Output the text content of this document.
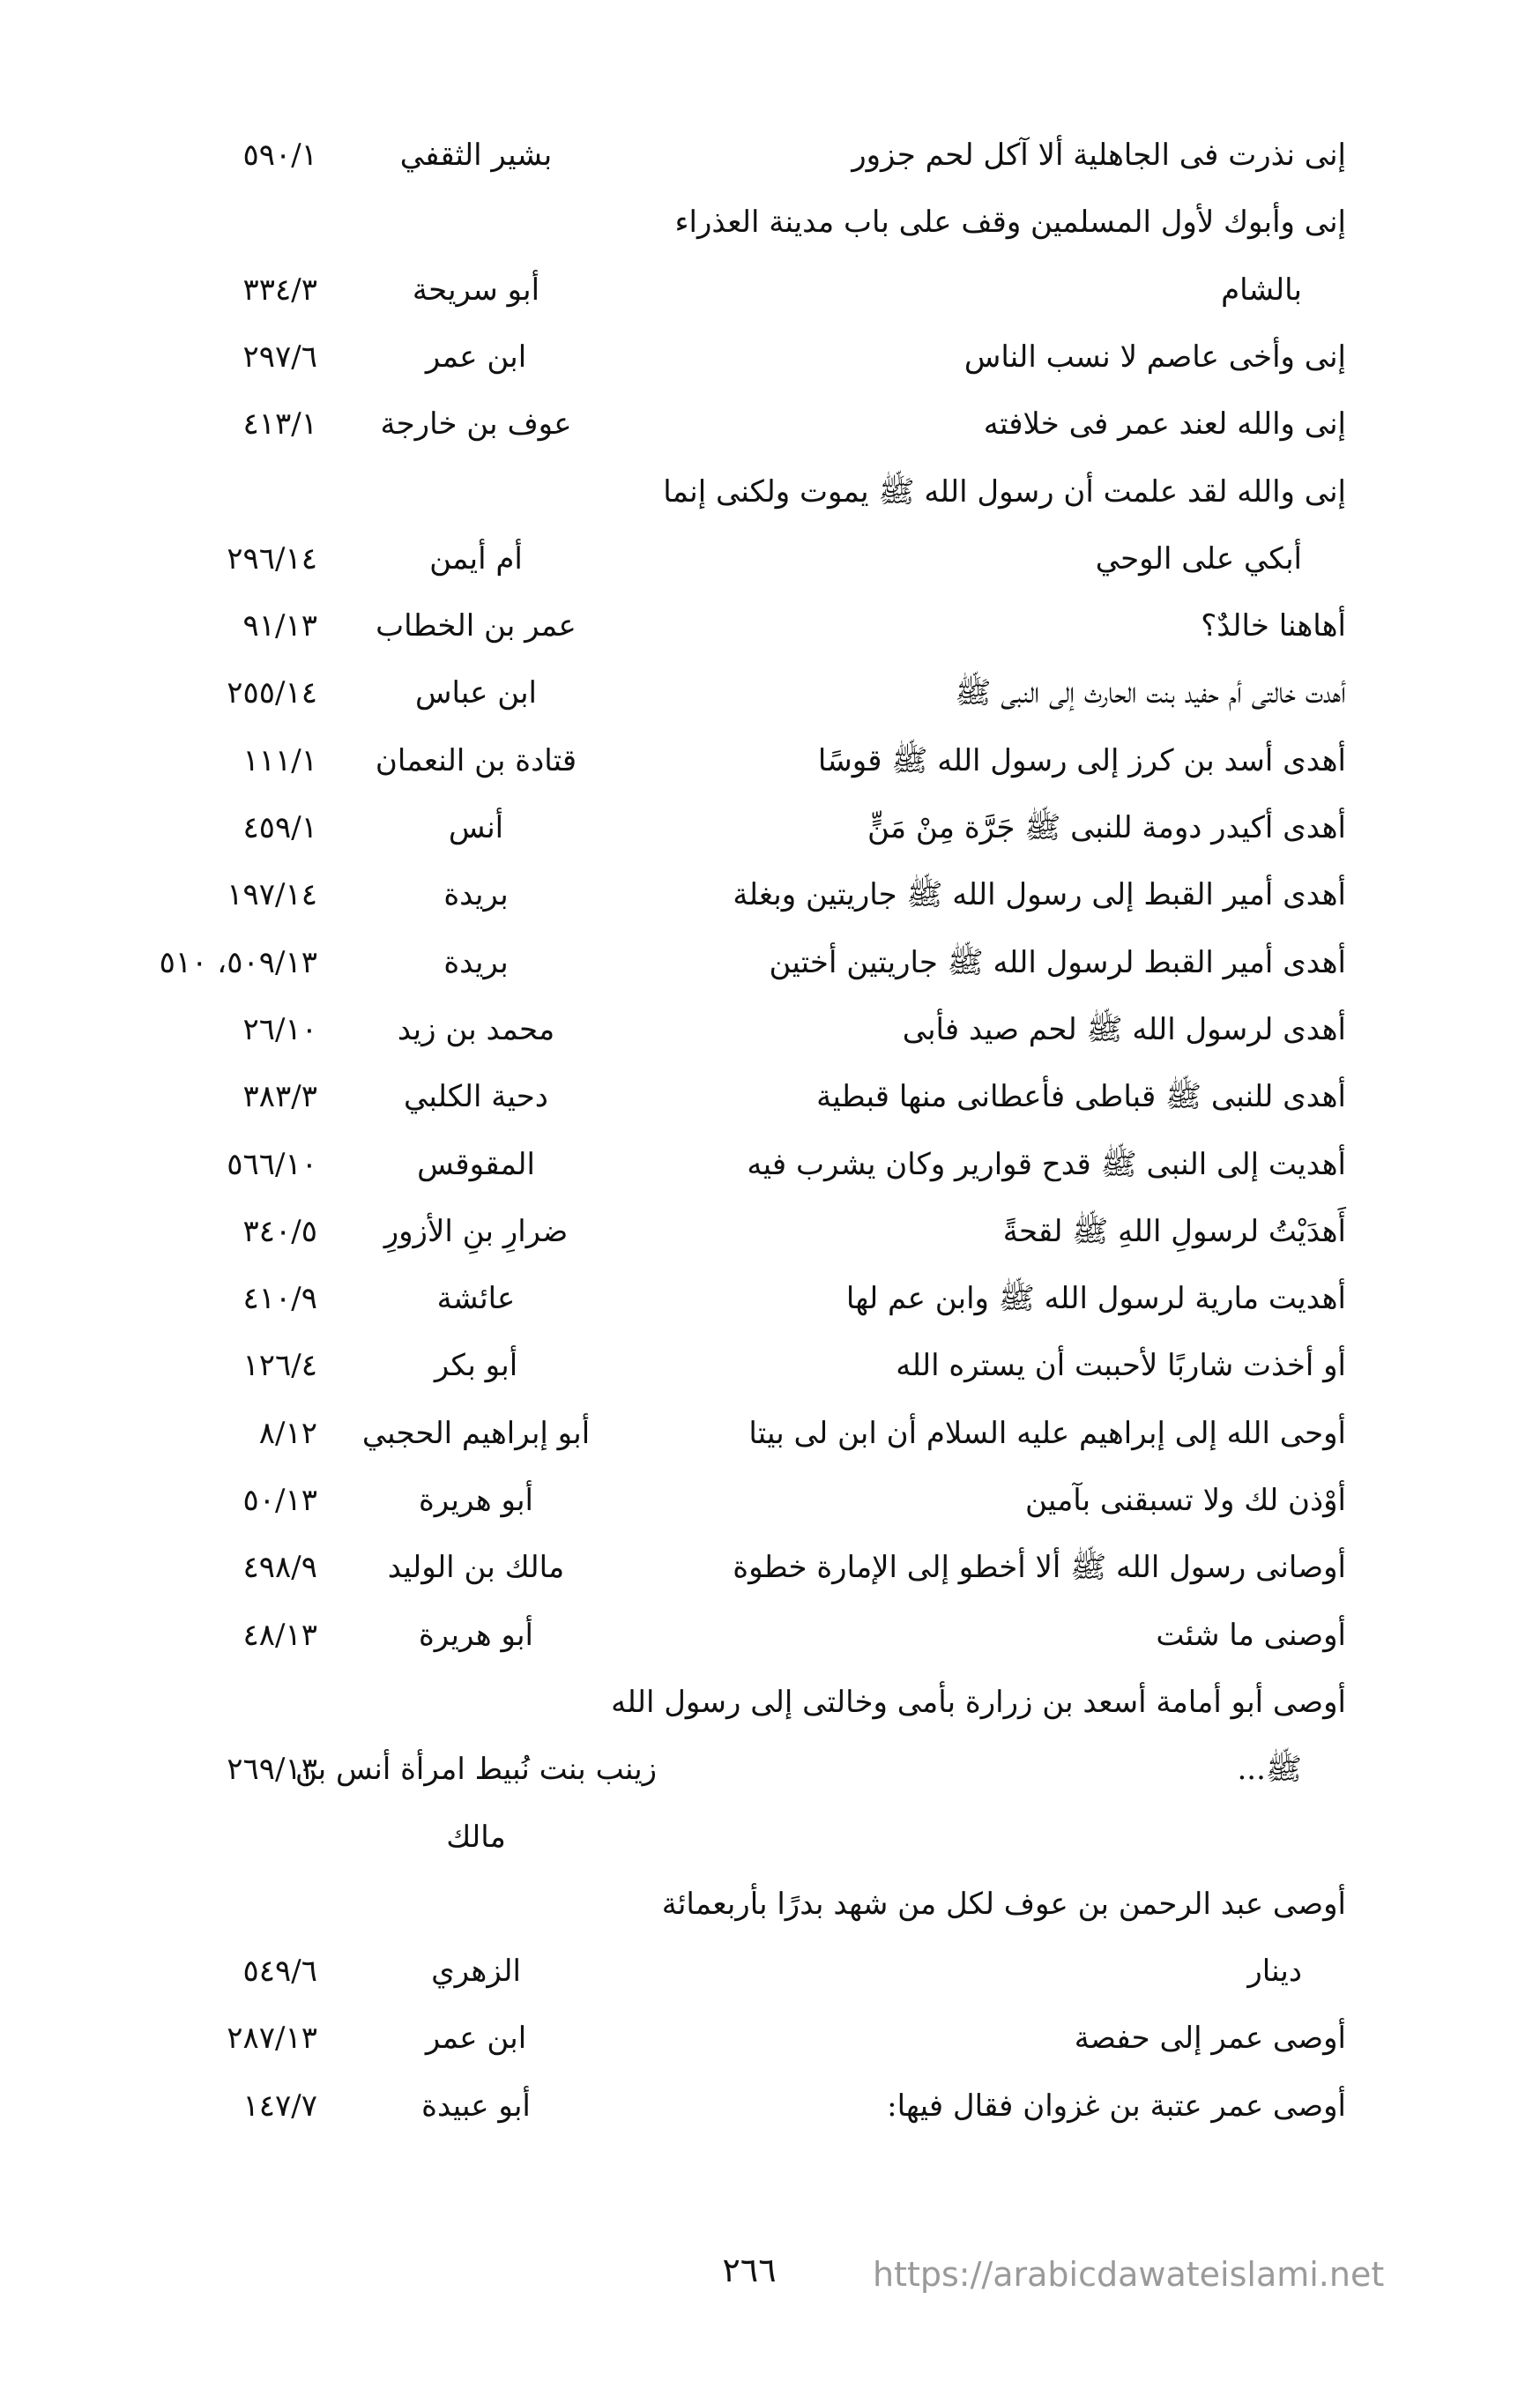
إنى نذرت فى الجاهلية ألا آكل لحم جزور
بشير الثقفي
٥٩٠/١
إنى وأبوك لأول المسلمين وقف على باب مدينة العذراء
بالشام
أبو سريحة
٣٣٤/٣
إنى وأخى عاصم لا نسب الناس
ابن عمر
٢٩٧/٦
إنى والله لعند عمر فى خلافته
عوف بن خارجة
٤١٣/١
إنى والله لقد علمت أن رسول الله ﷺ يموت ولكنى إنما
أبكي على الوحي
أم أيمن
٢٩٦/١٤
أهاهنا خالدٌ؟
عمر بن الخطاب
٩١/١٣
أهدت خالتى أم حفيد بنت الحارث إلى النبى ﷺ
ابن عباس
٢٥٥/١٤
أهدى أسد بن كرز إلى رسول الله ﷺ قوسًا
قتادة بن النعمان
١١١/١
أهدى أكيدر دومة للنبى ﷺ جَرَّة مِنْ مَنٍّ
أنس
٤٥٩/١
أهدى أمير القبط إلى رسول الله ﷺ جاريتين وبغلة
بريدة
١٩٧/١٤
أهدى أمير القبط لرسول الله ﷺ جاريتين أختين
بريدة
٥٠٩/١٣، ٥١٠
أهدى لرسول الله ﷺ لحم صيد فأبى
محمد بن زيد
٢٦/١٠
أهدى للنبى ﷺ قباطى فأعطانى منها قبطية
دحية الكلبي
٣٨٣/٣
أهديت إلى النبى ﷺ قدح قوارير وكان يشرب فيه
المقوقس
٥٦٦/١٠
أَهدَيْتُ لرسولِ اللهِ ﷺ لقحةً
ضرارِ بنِ الأزورِ
٣٤٠/٥
أهديت مارية لرسول الله ﷺ وابن عم لها
عائشة
٤١٠/٩
أو أخذت شاربًا لأحببت أن يستره الله
أبو بكر
١٢٦/٤
أوحى الله إلى إبراهيم عليه السلام أن ابن لى بيتا
أبو إبراهيم الحجبي
٨/١٢
أوْذن لك ولا تسبقنى بآمين
أبو هريرة
٥٠/١٣
أوصانى رسول الله ﷺ ألا أخطو إلى الإمارة خطوة
مالك بن الوليد
٤٩٨/٩
أوصنى ما شئت
أبو هريرة
٤٨/١٣
أوصى أبو أمامة أسعد بن زرارة بأمى وخالتى إلى رسول الله
ﷺ...
زينب بنت نُبيط امرأة أنس بن
٢٦٩/١٣
مالك
أوصى عبد الرحمن بن عوف لكل من شهد بدرًا بأربعمائة
دينار
الزهري
٥٤٩/٦
أوصى عمر إلى حفصة
ابن عمر
٢٨٧/١٣
أوصى عمر عتبة بن غزوان فقال فيها:
أبو عبيدة
١٤٧/٧
٢٦٦	https://arabicdawateislami.net
